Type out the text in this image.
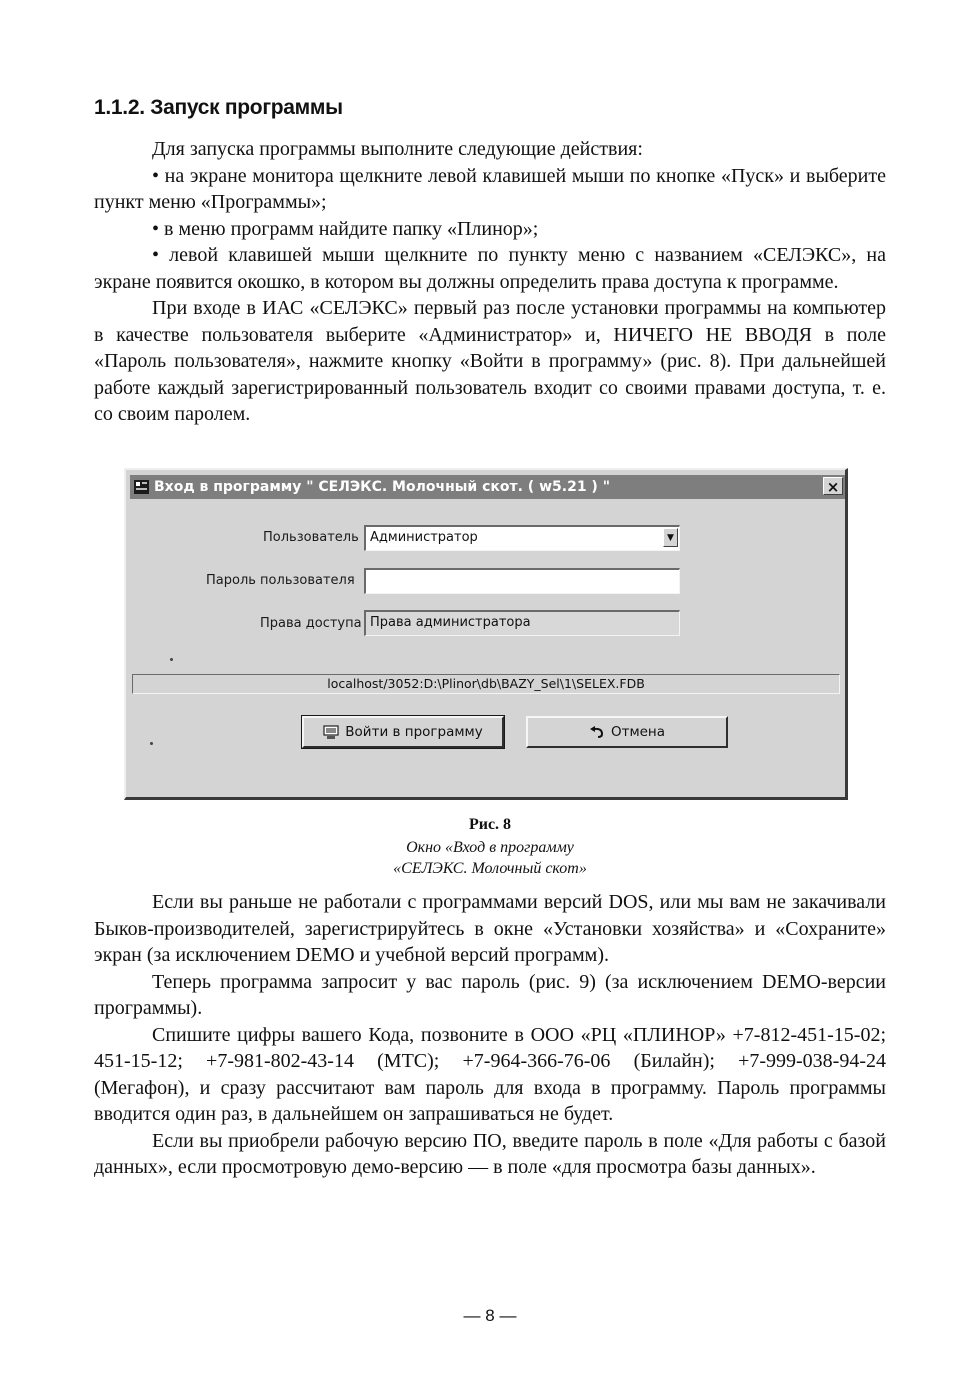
1.1.2. Запуск программы

Для запуска программы выполните следующие действия:

• на экране монитора щелкните левой клавишей мыши по кнопке «Пуск» и выберите пункт меню «Программы»;

• в меню программ найдите папку «Плинор»;

• левой клавишей мыши щелкните по пункту меню с названием «СЕЛЭКС», на экране появится окошко, в котором вы должны определить права доступа к программе.

При входе в ИАС «СЕЛЭКС» первый раз после установки программы на компьютер в качестве пользователя выберите «Администратор» и, НИЧЕГО НЕ ВВОДЯ в поле «Пароль пользователя», нажмите кнопку «Войти в программу» (рис. 8). При дальнейшей работе каждый зарегистрированный пользователь входит со своими правами доступа, т. е. со своим паролем.

Вход в программу " СЕЛЭКС. Молочный скот. ( w5.21 ) "	×
Пользователь Администратор	▼
Пароль пользователя
Права доступа Права администратора
localhost/3052:D:\Plinor\db\BAZY_Sel\1\SELEX.FDB
Войти в программу	Отмена
Рис. 8
Окно «Вход в программу
«СЕЛЭКС. Молочный скот»

Если вы раньше не работали с программами версий DOS, или мы вам не закачивали Быков-производителей, зарегистрируйтесь в окне «Установки хозяйства» и «Сохраните» экран (за исключением DEMO и учебной версий программ).

Теперь программа запросит у вас пароль (рис. 9) (за исключением DEMO-версии программы).

Спишите цифры вашего Кода, позвоните в ООО «РЦ «ПЛИНОР» +7-812-451-15-02; 451-15-12; +7-981-802-43-14 (МТС); +7-964-366-76-06 (Билайн); +7-999-038-94-24 (Мегафон), и сразу рассчитают вам пароль для входа в программу. Пароль программы вводится один раз, в дальнейшем он запрашиваться не будет.

Если вы приобрели рабочую версию ПО, введите пароль в поле «Для работы с базой данных», если просмотровую демо-версию — в поле «для просмотра базы данных».

— 8 —
